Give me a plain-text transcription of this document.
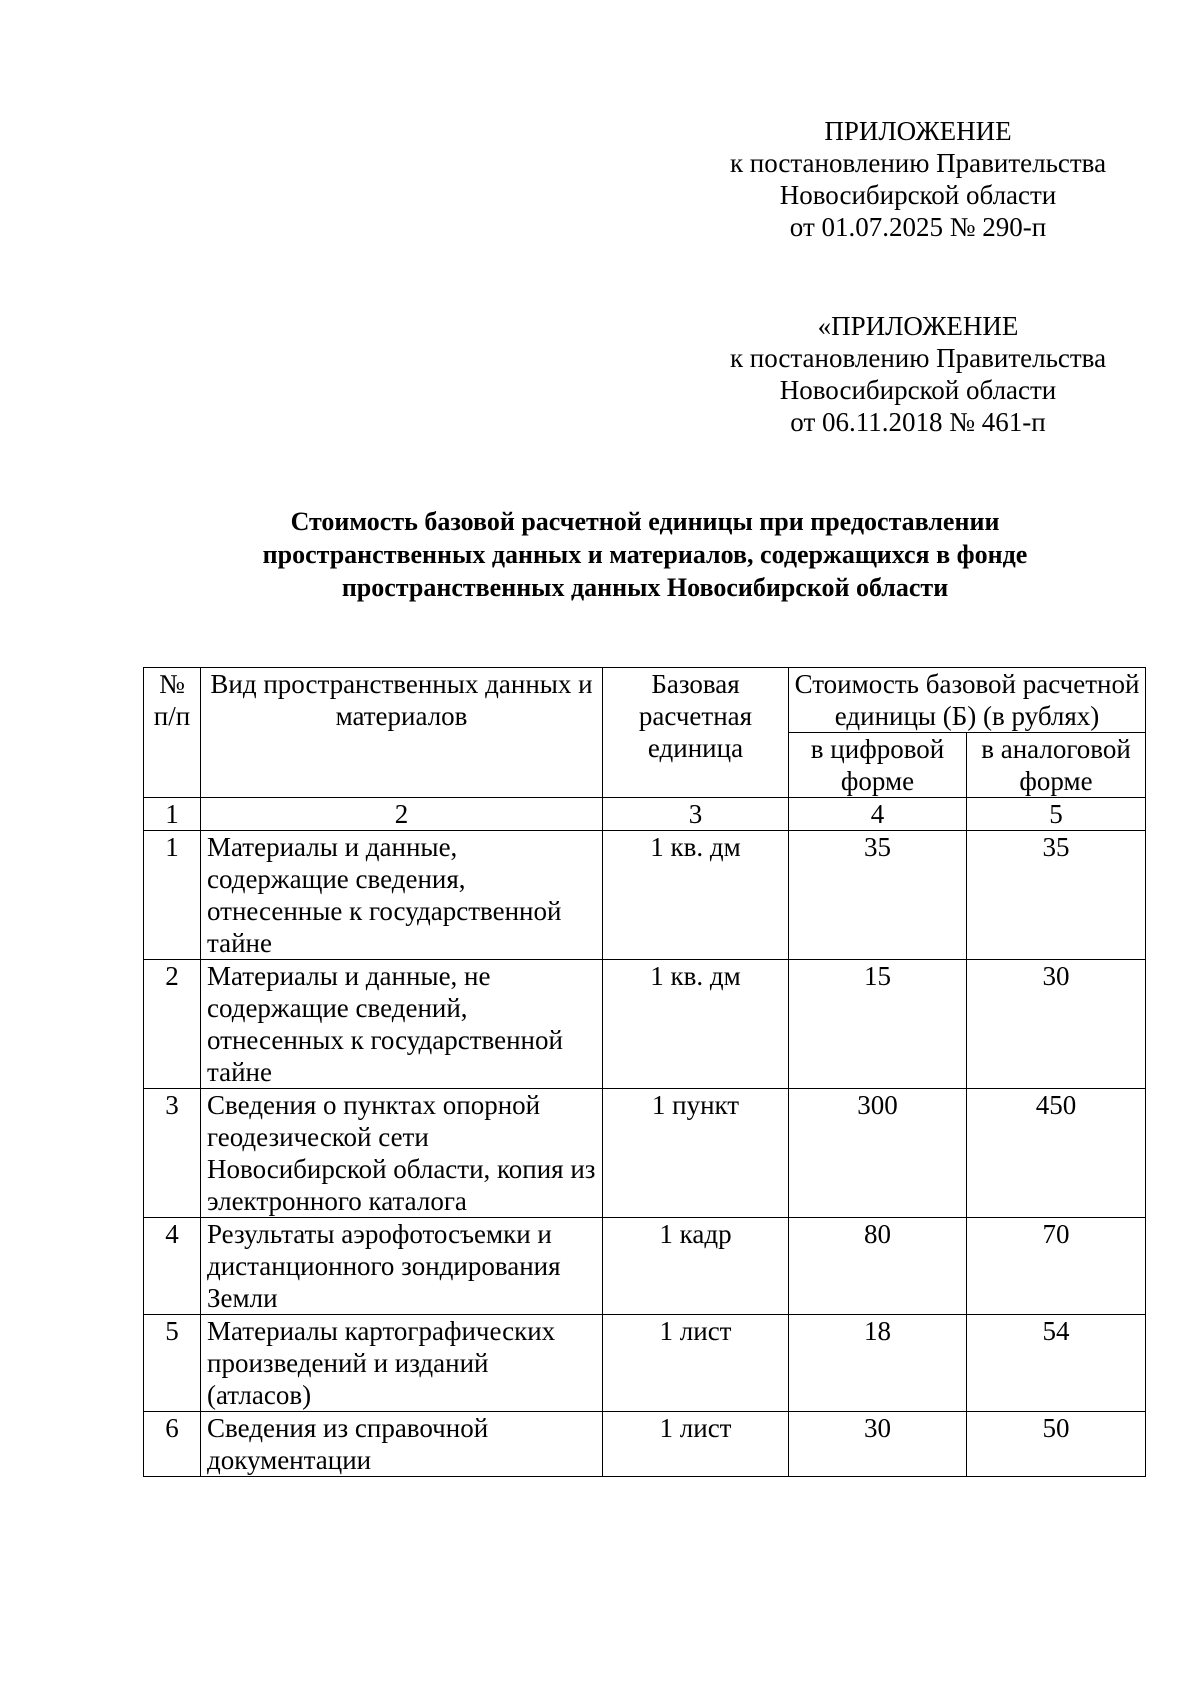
ПРИЛОЖЕНИЕ
к постановлению Правительства
Новосибирской области
от 01.07.2025 № 290-п
«ПРИЛОЖЕНИЕ
к постановлению Правительства
Новосибирской области
от 06.11.2018 № 461-п
Стоимость базовой расчетной единицы при предоставлении
пространственных данных и материалов, содержащихся в фонде
пространственных данных Новосибирской области
№ п/п	Вид пространственных данных и материалов	Базовая расчетная единица	Стоимость базовой расчетной единицы (Б) (в рублях)	
			в цифровой форме	в аналоговой форме
1	2	3	4	5
1	Материалы и данные, содержащие сведения, отнесенные к государственной тайне	1 кв. дм	35	35
2	Материалы и данные, не содержащие сведений, отнесенных к государственной тайне	1 кв. дм	15	30
3	Сведения о пунктах опорной геодезической сети Новосибирской области, копия из электронного каталога	1 пункт	300	450
4	Результаты аэрофотосъемки и дистанционного зондирования Земли	1 кадр	80	70
5	Материалы картографических произведений и изданий (атласов)	1 лист	18	54
6	Сведения из справочной документации	1 лист	30	50
